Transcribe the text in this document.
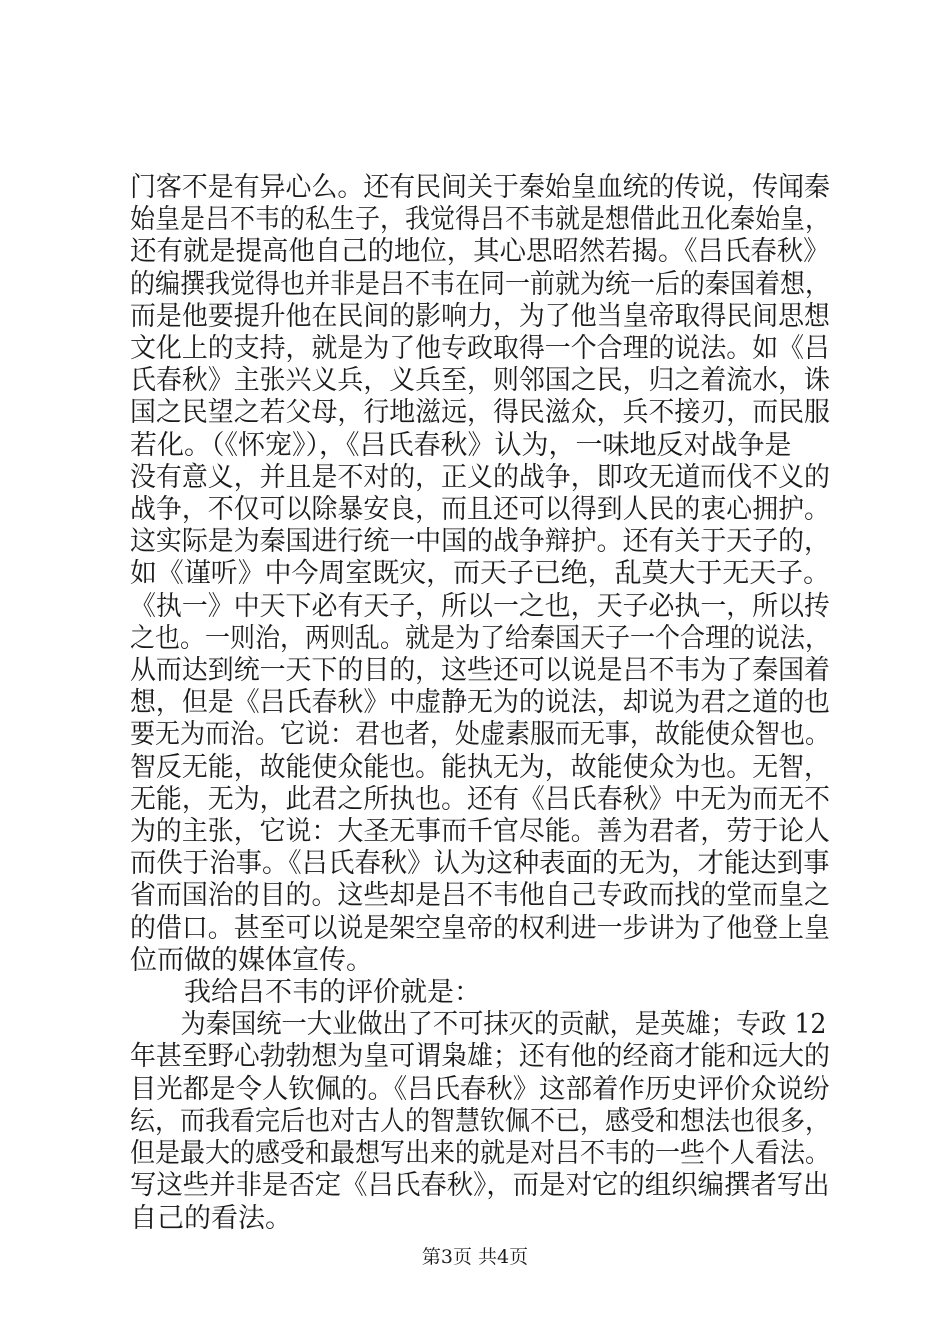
门客不是有异心么。还有民间关于秦始皇血统的传说，传闻秦
始皇是吕不韦的私生子，我觉得吕不韦就是想借此丑化秦始皇，
还有就是提高他自己的地位，其心思昭然若揭。《吕氏春秋》
的编撰我觉得也并非是吕不韦在同一前就为统一后的秦国着想，
而是他要提升他在民间的影响力，为了他当皇帝取得民间思想
文化上的支持，就是为了他专政取得一个合理的说法。如《吕
氏春秋》主张兴义兵，义兵至，则邻国之民，归之着流水，诛
国之民望之若父母，行地滋远，得民滋众，兵不接刃，而民服
若化。（《怀宠》），《吕氏春秋》认为，一味地反对战争是
没有意义，并且是不对的，正义的战争，即攻无道而伐不义的
战争，不仅可以除暴安良，而且还可以得到人民的衷心拥护。
这实际是为秦国进行统一中国的战争辩护。还有关于天子的，
如《谨听》中今周室既灾，而天子已绝，乱莫大于无天子。
《执一》中天下必有天子，所以一之也，天子必执一，所以抟
之也。一则治，两则乱。就是为了给秦国天子一个合理的说法，
从而达到统一天下的目的，这些还可以说是吕不韦为了秦国着
想，但是《吕氏春秋》中虚静无为的说法，却说为君之道的也
要无为而治。它说：君也者，处虚素服而无事，故能使众智也。
智反无能，故能使众能也。能执无为，故能使众为也。无智，
无能，无为，此君之所执也。还有《吕氏春秋》中无为而无不
为的主张，它说：大圣无事而千官尽能。善为君者，劳于论人
而佚于治事。《吕氏春秋》认为这种表面的无为，才能达到事
省而国治的目的。这些却是吕不韦他自己专政而找的堂而皇之
的借口。甚至可以说是架空皇帝的权利进一步讲为了他登上皇
位而做的媒体宣传。
我给吕不韦的评价就是：
为秦国统一大业做出了不可抹灭的贡献，是英雄；专政 12
年甚至野心勃勃想为皇可谓枭雄；还有他的经商才能和远大的
目光都是令人钦佩的。《吕氏春秋》这部着作历史评价众说纷
纭，而我看完后也对古人的智慧钦佩不已，感受和想法也很多，
但是最大的感受和最想写出来的就是对吕不韦的一些个人看法。
写这些并非是否定《吕氏春秋》，而是对它的组织编撰者写出
自己的看法。
第3页 共4页
